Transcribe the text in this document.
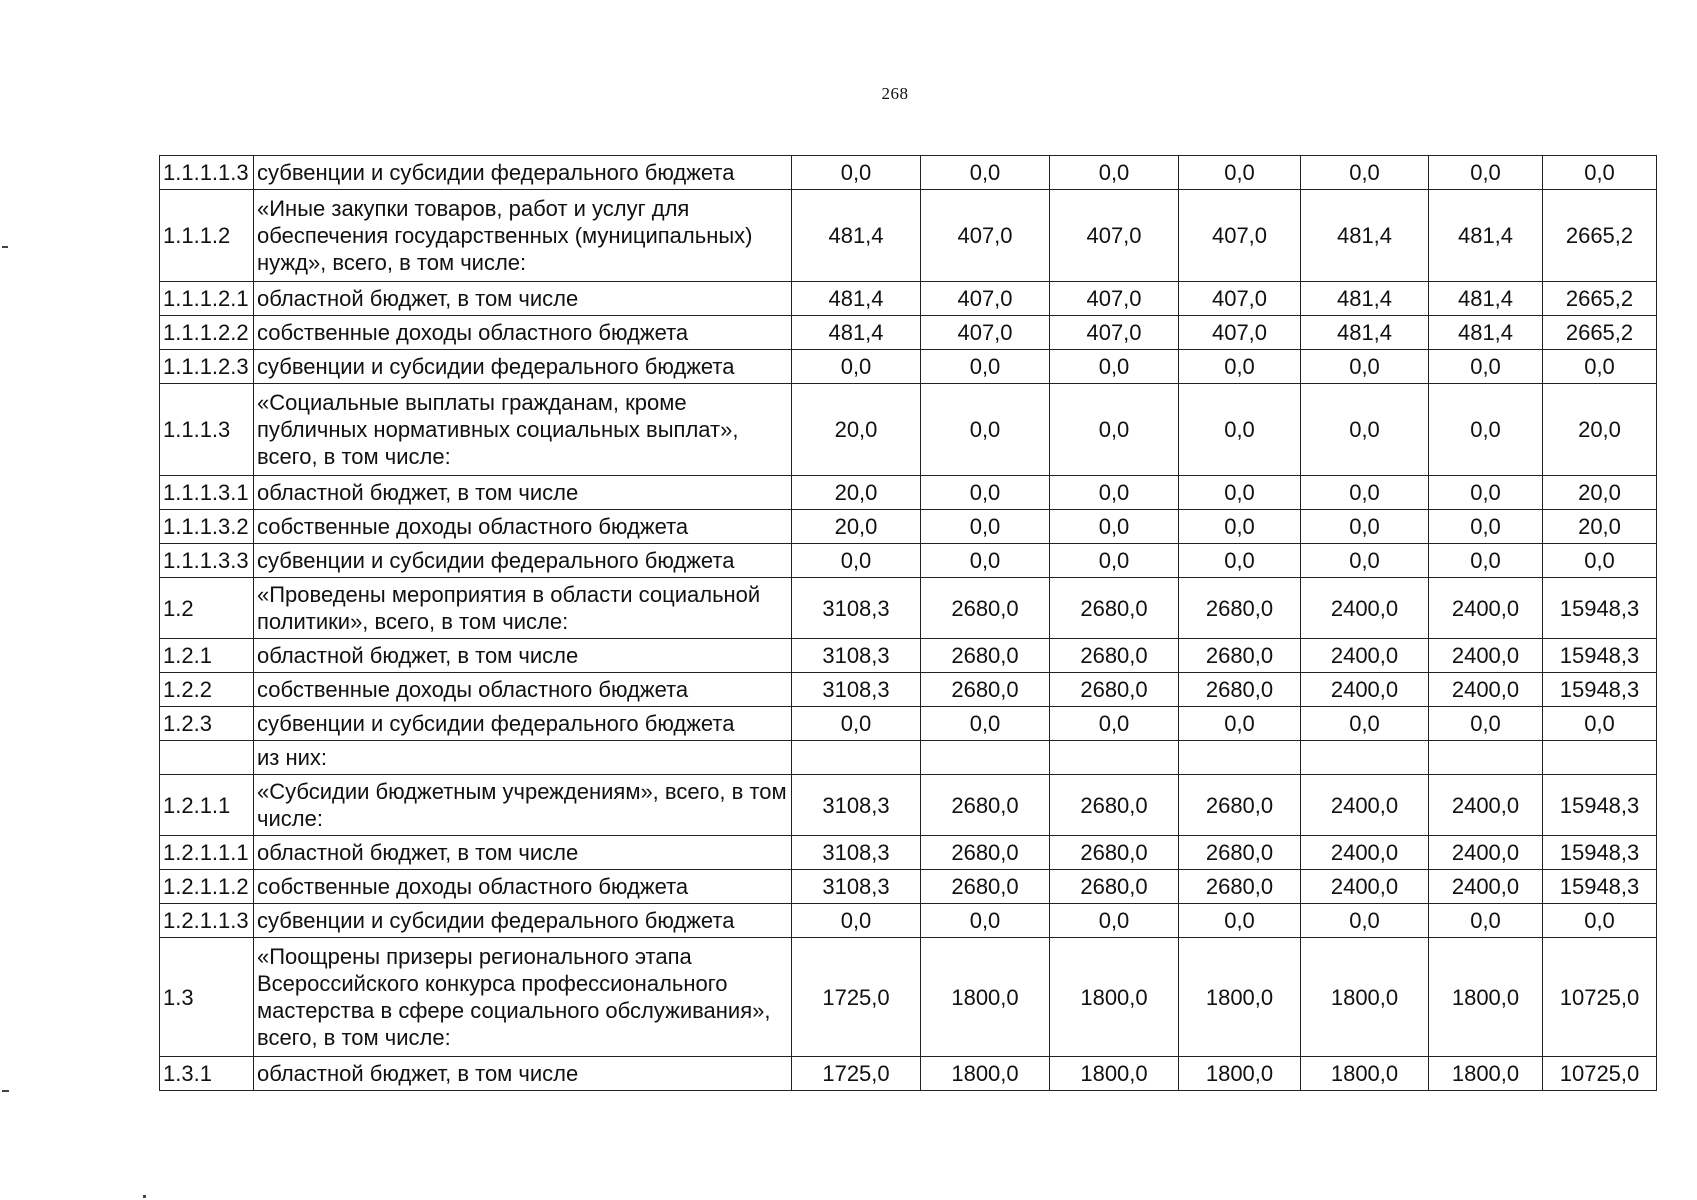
268
1.1.1.1.3	субвенции и субсидии федерального бюджета	0,0	0,0	0,0	0,0	0,0	0,0	0,0
1.1.1.2	«Иные закупки товаров, работ и услуг для обеспечения государственных (муниципальных) нужд», всего, в том числе:	481,4	407,0	407,0	407,0	481,4	481,4	2665,2
1.1.1.2.1	областной бюджет, в том числе	481,4	407,0	407,0	407,0	481,4	481,4	2665,2
1.1.1.2.2	собственные доходы областного бюджета	481,4	407,0	407,0	407,0	481,4	481,4	2665,2
1.1.1.2.3	субвенции и субсидии федерального бюджета	0,0	0,0	0,0	0,0	0,0	0,0	0,0
1.1.1.3	«Социальные выплаты гражданам, кроме публичных нормативных социальных выплат», всего, в том числе:	20,0	0,0	0,0	0,0	0,0	0,0	20,0
1.1.1.3.1	областной бюджет, в том числе	20,0	0,0	0,0	0,0	0,0	0,0	20,0
1.1.1.3.2	собственные доходы областного бюджета	20,0	0,0	0,0	0,0	0,0	0,0	20,0
1.1.1.3.3	субвенции и субсидии федерального бюджета	0,0	0,0	0,0	0,0	0,0	0,0	0,0
1.2	«Проведены мероприятия в области социальной политики», всего, в том числе:	3108,3	2680,0	2680,0	2680,0	2400,0	2400,0	15948,3
1.2.1	областной бюджет, в том числе	3108,3	2680,0	2680,0	2680,0	2400,0	2400,0	15948,3
1.2.2	собственные доходы областного бюджета	3108,3	2680,0	2680,0	2680,0	2400,0	2400,0	15948,3
1.2.3	субвенции и субсидии федерального бюджета	0,0	0,0	0,0	0,0	0,0	0,0	0,0
	из них:							
1.2.1.1	«Субсидии бюджетным учреждениям», всего, в том числе:	3108,3	2680,0	2680,0	2680,0	2400,0	2400,0	15948,3
1.2.1.1.1	областной бюджет, в том числе	3108,3	2680,0	2680,0	2680,0	2400,0	2400,0	15948,3
1.2.1.1.2	собственные доходы областного бюджета	3108,3	2680,0	2680,0	2680,0	2400,0	2400,0	15948,3
1.2.1.1.3	субвенции и субсидии федерального бюджета	0,0	0,0	0,0	0,0	0,0	0,0	0,0
1.3	«Поощрены призеры регионального этапа Всероссийского конкурса профессионального мастерства в сфере социального обслуживания», всего, в том числе:	1725,0	1800,0	1800,0	1800,0	1800,0	1800,0	10725,0
1.3.1	областной бюджет, в том числе	1725,0	1800,0	1800,0	1800,0	1800,0	1800,0	10725,0
